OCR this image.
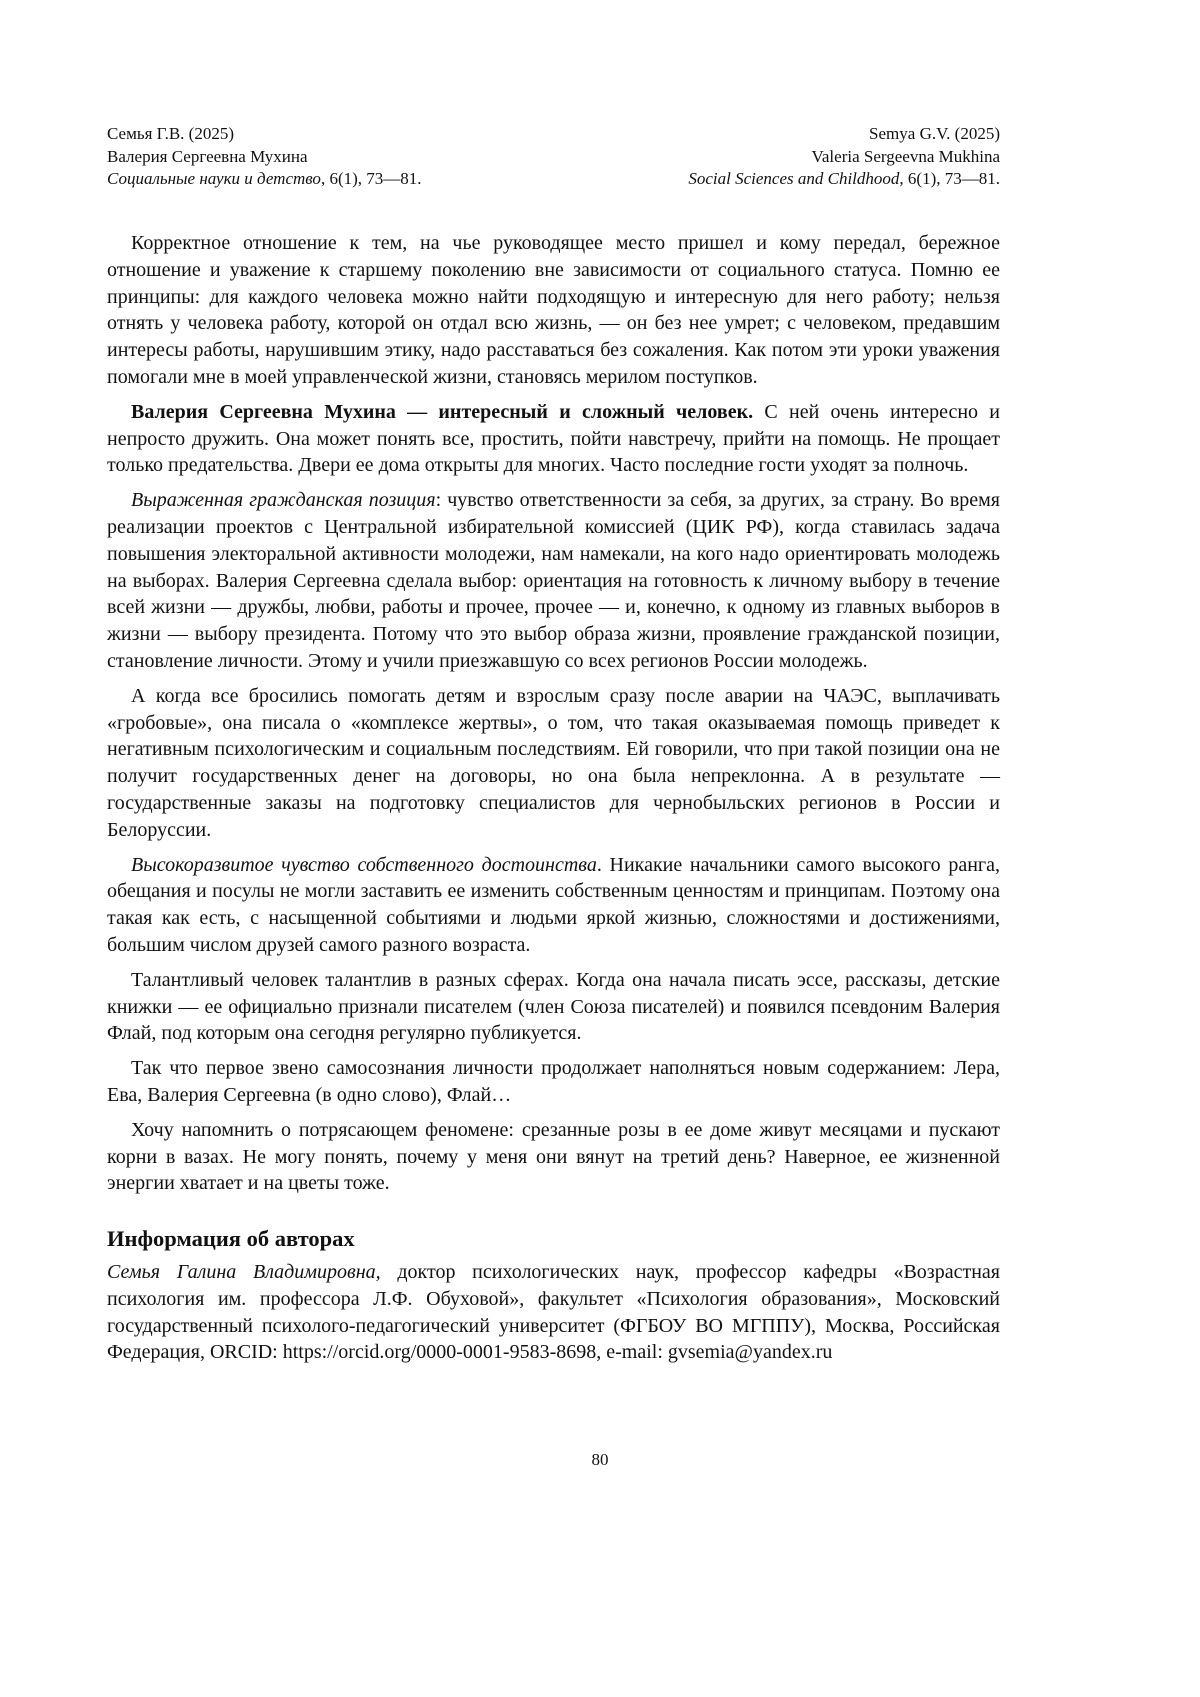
Семья Г.В. (2025)	Semya G.V. (2025)
Валерия Сергеевна Мухина	Valeria Sergeevna Mukhina
Социальные науки и детство, 6(1), 73—81.	Social Sciences and Childhood, 6(1), 73—81.

Корректное отношение к тем, на чье руководящее место пришел и кому передал, бережное отношение и уважение к старшему поколению вне зависимости от социального статуса. Помню ее принципы: для каждого человека можно найти подходящую и интересную для него работу; нельзя отнять у человека работу, которой он отдал всю жизнь, — он без нее умрет; с человеком, предавшим интересы работы, нарушившим этику, надо расставаться без сожаления. Как потом эти уроки уважения помогали мне в моей управленческой жизни, становясь мерилом поступков.

Валерия Сергеевна Мухина — интересный и сложный человек. С ней очень интересно и непросто дружить. Она может понять все, простить, пойти навстречу, прийти на помощь. Не прощает только предательства. Двери ее дома открыты для многих. Часто последние гости уходят за полночь.

Выраженная гражданская позиция: чувство ответственности за себя, за других, за страну. Во время реализации проектов с Центральной избирательной комиссией (ЦИК РФ), когда ставилась задача повышения электоральной активности молодежи, нам намекали, на кого надо ориентировать молодежь на выборах. Валерия Сергеевна сделала выбор: ориентация на готовность к личному выбору в течение всей жизни — дружбы, любви, работы и прочее, прочее — и, конечно, к одному из главных выборов в жизни — выбору президента. Потому что это выбор образа жизни, проявление гражданской позиции, становление личности. Этому и учили приезжавшую со всех регионов России молодежь.

А когда все бросились помогать детям и взрослым сразу после аварии на ЧАЭС, выплачивать «гробовые», она писала о «комплексе жертвы», о том, что такая оказываемая помощь приведет к негативным психологическим и социальным последствиям. Ей говорили, что при такой позиции она не получит государственных денег на договоры, но она была непреклонна. А в результате — государственные заказы на подготовку специалистов для чернобыльских регионов в России и Белоруссии.

Высокоразвитое чувство собственного достоинства. Никакие начальники самого высокого ранга, обещания и посулы не могли заставить ее изменить собственным ценностям и принципам. Поэтому она такая как есть, с насыщенной событиями и людьми яркой жизнью, сложностями и достижениями, большим числом друзей самого разного возраста.

Талантливый человек талантлив в разных сферах. Когда она начала писать эссе, рассказы, детские книжки — ее официально признали писателем (член Союза писателей) и появился псевдоним Валерия Флай, под которым она сегодня регулярно публикуется.

Так что первое звено самосознания личности продолжает наполняться новым содержанием: Лера, Ева, Валерия Сергеевна (в одно слово), Флай…

Хочу напомнить о потрясающем феномене: срезанные розы в ее доме живут месяцами и пускают корни в вазах. Не могу понять, почему у меня они вянут на третий день? Наверное, ее жизненной энергии хватает и на цветы тоже.

Информация об авторах

Семья Галина Владимировна, доктор психологических наук, профессор кафедры «Возрастная психология им. профессора Л.Ф. Обуховой», факультет «Психология образования», Московский государственный психолого-педагогический университет (ФГБОУ ВО МГППУ), Москва, Российская Федерация, ORCID: https://orcid.org/0000-0001-9583-8698, e-mail: gvsemia@yandex.ru

80
